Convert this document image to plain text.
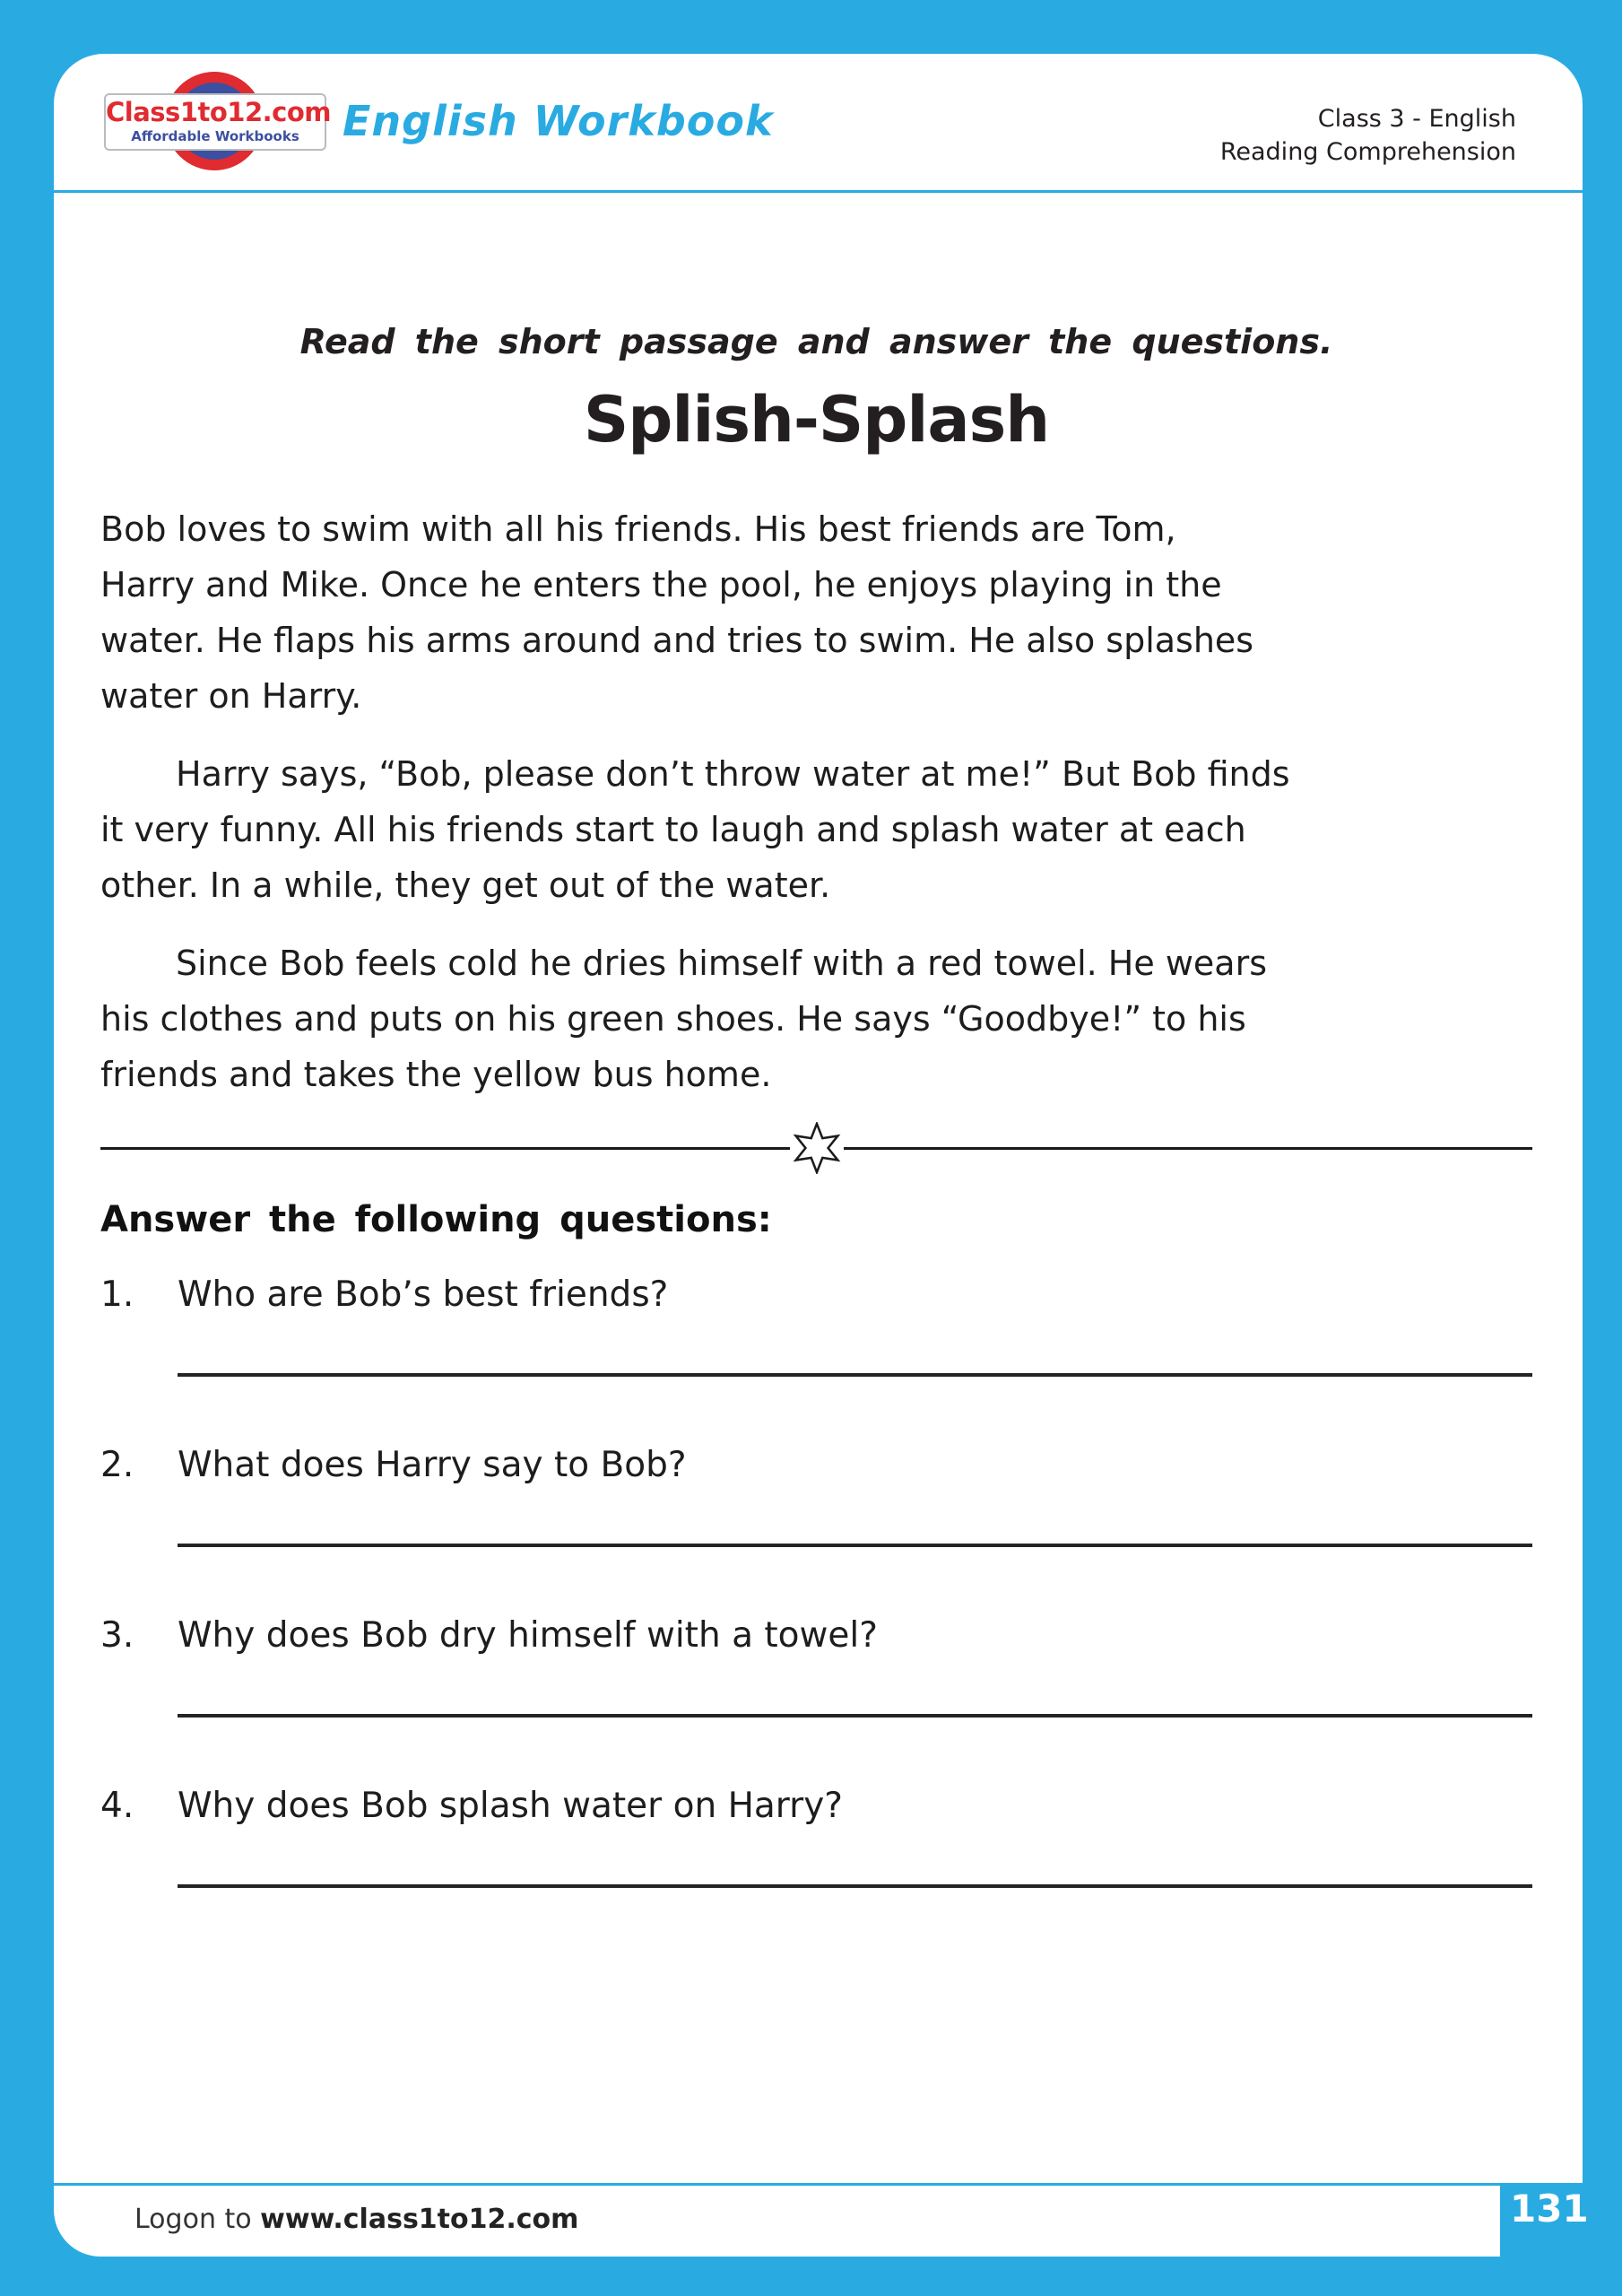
Class1to12.com
Affordable Workbooks	English Workbook	Class 3 - English
Reading Comprehension
Read the short passage and answer the questions.
Splish-Splash
Bob loves to swim with all his friends. His best friends are Tom,
Harry and Mike. Once he enters the pool, he enjoys playing in the
water. He flaps his arms around and tries to swim. He also splashes
water on Harry.
Harry says, “Bob, please don’t throw water at me!” But Bob finds
it very funny. All his friends start to laugh and splash water at each
other. In a while, they get out of the water.
Since Bob feels cold he dries himself with a red towel. He wears
his clothes and puts on his green shoes. He says “Goodbye!” to his
friends and takes the yellow bus home.
Answer the following questions:
1.	Who are Bob’s best friends?
2.	What does Harry say to Bob?
3.	Why does Bob dry himself with a towel?
4.	Why does Bob splash water on Harry?
Logon to www.class1to12.com	131
